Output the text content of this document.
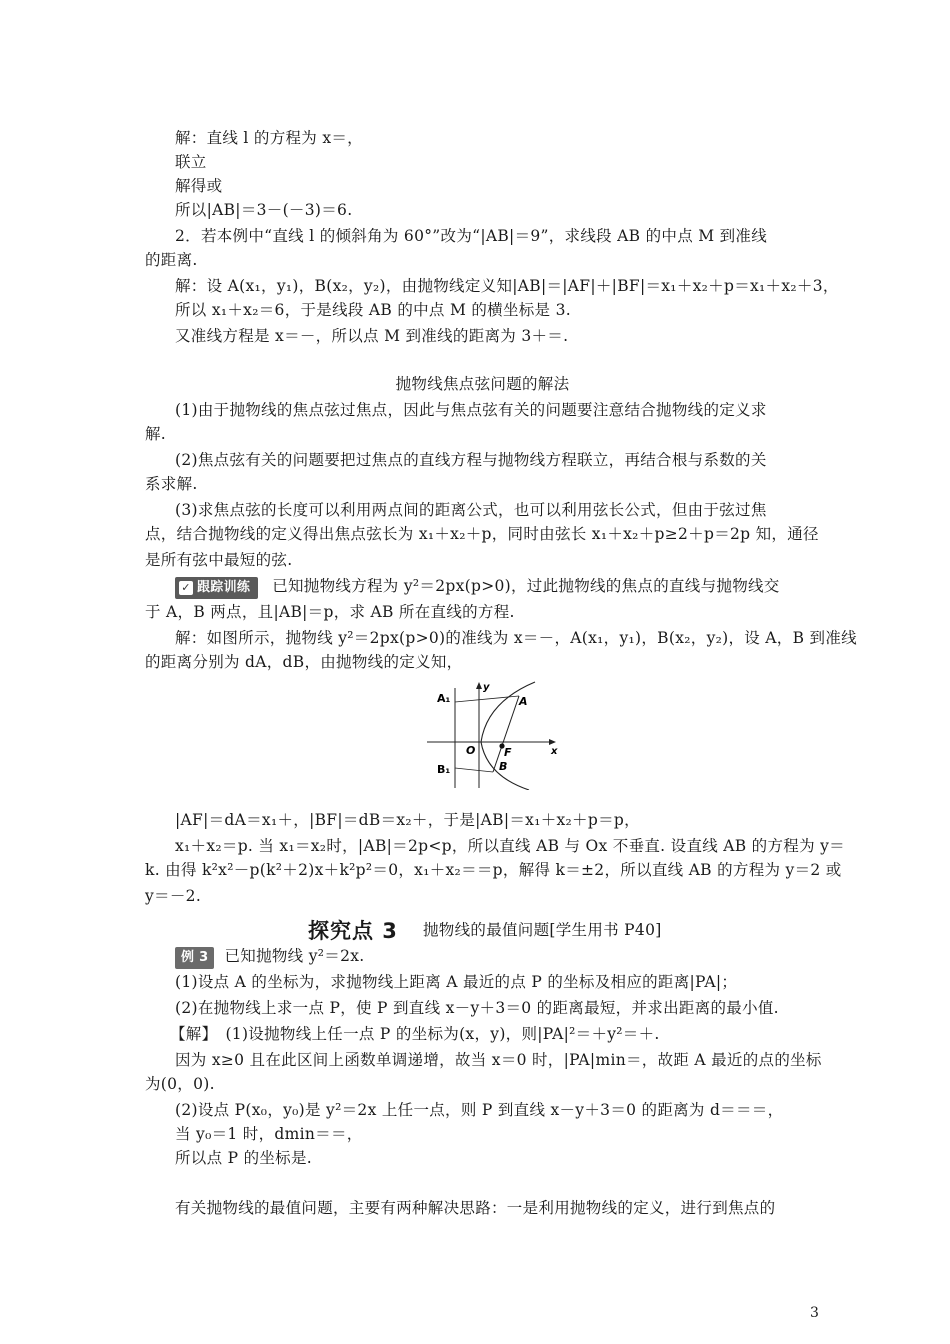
解：直线 l 的方程为 x＝，
联立
解得或
所以|AB|＝3－(－3)＝6.
2．若本例中“直线 l 的倾斜角为 60°”改为“|AB|＝9”，求线段 AB 的中点 M 到准线
的距离.
解：设 A(x₁，y₁)，B(x₂，y₂)，由抛物线定义知|AB|＝|AF|＋|BF|＝x₁＋x₂＋p＝x₁＋x₂＋3，
所以 x₁＋x₂＝6，于是线段 AB 的中点 M 的横坐标是 3.
又准线方程是 x＝－，所以点 M 到准线的距离为 3＋＝.
抛物线焦点弦问题的解法
(1)由于抛物线的焦点弦过焦点，因此与焦点弦有关的问题要注意结合抛物线的定义求
解.
(2)焦点弦有关的问题要把过焦点的直线方程与抛物线方程联立，再结合根与系数的关
系求解.
(3)求焦点弦的长度可以利用两点间的距离公式，也可以利用弦长公式，但由于弦过焦
点，结合抛物线的定义得出焦点弦长为 x₁＋x₂＋p，同时由弦长 x₁＋x₂＋p≥2＋p＝2p 知，通径
是所有弦中最短的弦.
✓ 跟踪训练 已知抛物线方程为 y²＝2px(p>0)，过此抛物线的焦点的直线与抛物线交
于 A，B 两点，且|AB|＝p，求 AB 所在直线的方程.
解：如图所示，抛物线 y²＝2px(p>0)的准线为 x＝－，A(x₁，y₁)，B(x₂，y₂)，设 A，B 到准线
的距离分别为 dA，dB，由抛物线的定义知，
A₁
B₁
A
B
F
O	x
y
|AF|＝dA＝x₁＋，|BF|＝dB＝x₂＋，于是|AB|＝x₁＋x₂＋p＝p，
x₁＋x₂＝p. 当 x₁＝x₂时，|AB|＝2p<p，所以直线 AB 与 Ox 不垂直. 设直线 AB 的方程为 y＝
k. 由得 k²x²－p(k²＋2)x＋k²p²＝0，x₁＋x₂＝＝p，解得 k＝±2，所以直线 AB 的方程为 y＝2 或
y＝－2.
探究点 3 抛物线的最值问题[学生用书 P40]
例 3 已知抛物线 y²＝2x.
(1)设点 A 的坐标为，求抛物线上距离 A 最近的点 P 的坐标及相应的距离|PA|；
(2)在抛物线上求一点 P，使 P 到直线 x－y＋3＝0 的距离最短，并求出距离的最小值.
【解】　(1)设抛物线上任一点 P 的坐标为(x，y)，则|PA|²＝＋y²＝＋.
因为 x≥0 且在此区间上函数单调递增，故当 x＝0 时，|PA|min＝，故距 A 最近的点的坐标
为(0，0).
(2)设点 P(x₀，y₀)是 y²＝2x 上任一点，则 P 到直线 x－y＋3＝0 的距离为 d＝＝＝，
当 y₀＝1 时，dmin＝＝，
所以点 P 的坐标是.
有关抛物线的最值问题，主要有两种解决思路：一是利用抛物线的定义，进行到焦点的
3
